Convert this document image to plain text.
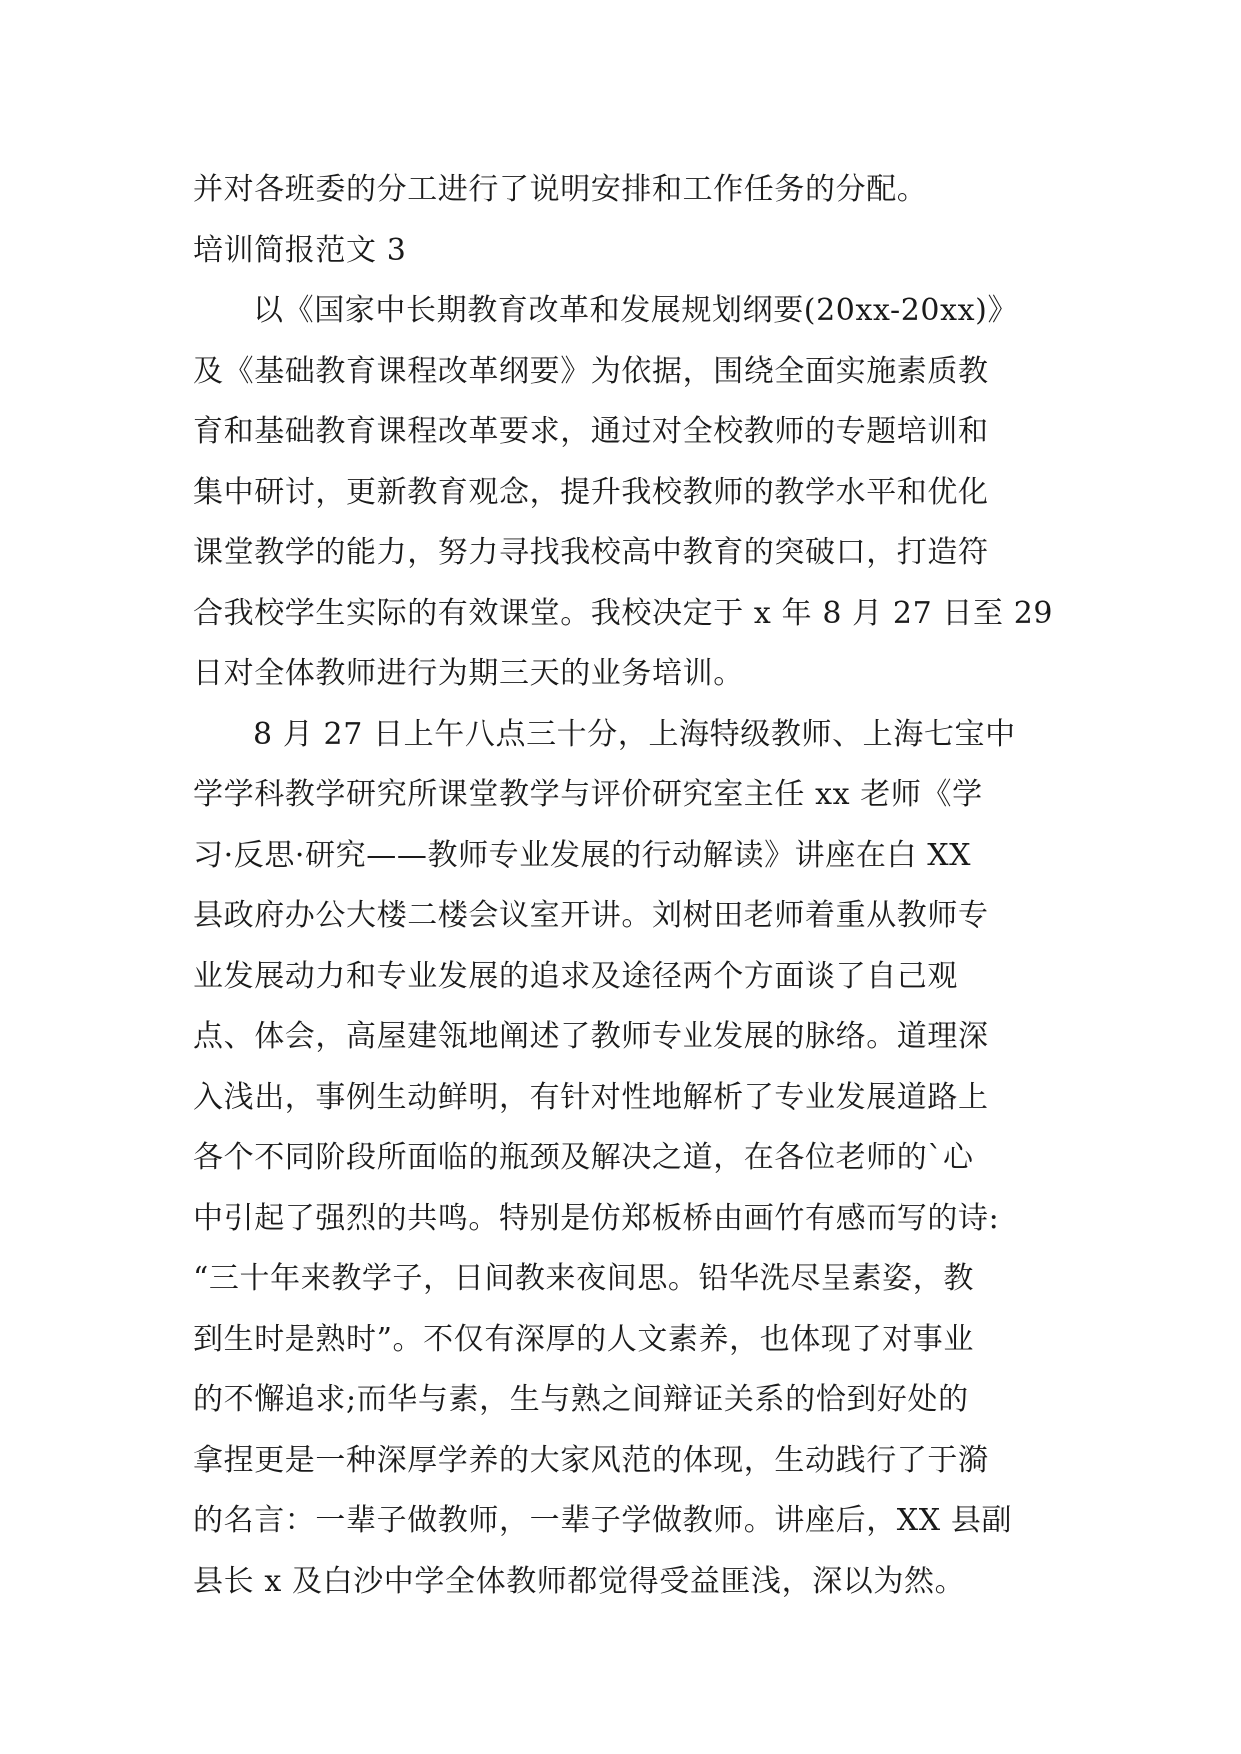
并对各班委的分工进行了说明安排和工作任务的分配。
培训简报范文 3
以《国家中长期教育改革和发展规划纲要(20xx-20xx)》
及《基础教育课程改革纲要》为依据，围绕全面实施素质教
育和基础教育课程改革要求，通过对全校教师的专题培训和
集中研讨，更新教育观念，提升我校教师的教学水平和优化
课堂教学的能力，努力寻找我校高中教育的突破口，打造符
合我校学生实际的有效课堂。我校决定于 x 年 8 月 27 日至 29
日对全体教师进行为期三天的业务培训。
8 月 27 日上午八点三十分，上海特级教师、上海七宝中
学学科教学研究所课堂教学与评价研究室主任 xx 老师《学
习·反思·研究——教师专业发展的行动解读》讲座在白 XX
县政府办公大楼二楼会议室开讲。刘树田老师着重从教师专
业发展动力和专业发展的追求及途径两个方面谈了自己观
点、体会，高屋建瓴地阐述了教师专业发展的脉络。道理深
入浅出，事例生动鲜明，有针对性地解析了专业发展道路上
各个不同阶段所面临的瓶颈及解决之道，在各位老师的`心
中引起了强烈的共鸣。特别是仿郑板桥由画竹有感而写的诗:
“三十年来教学子，日间教来夜间思。铅华洗尽呈素姿，教
到生时是熟时”。不仅有深厚的人文素养，也体现了对事业
的不懈追求;而华与素，生与熟之间辩证关系的恰到好处的
拿捏更是一种深厚学养的大家风范的体现，生动践行了于漪
的名言：一辈子做教师，一辈子学做教师。讲座后，XX 县副
县长 x 及白沙中学全体教师都觉得受益匪浅，深以为然。
